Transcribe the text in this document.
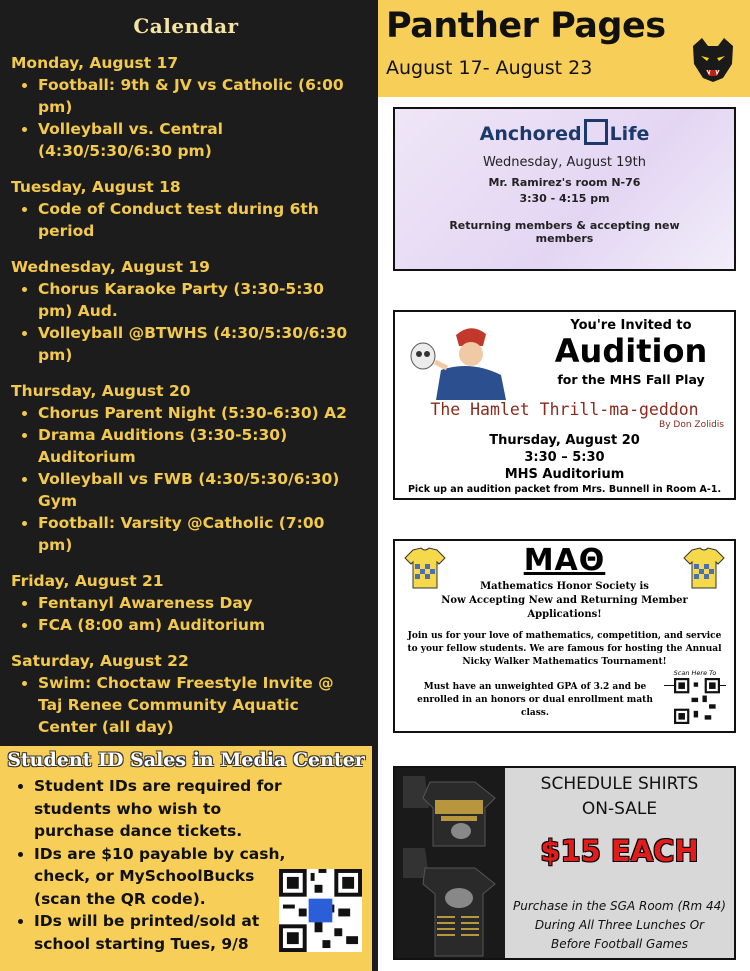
Calendar
Monday, August 17
• Football: 9th & JV vs Catholic (6:00 pm)
• Volleyball vs. Central (4:30/5:30/6:30 pm)
Tuesday, August 18
• Code of Conduct test during 6th period
Wednesday, August 19
• Chorus Karaoke Party (3:30-5:30 pm) Aud.
• Volleyball @BTWHS (4:30/5:30/6:30 pm)
Thursday, August 20
• Chorus Parent Night (5:30-6:30) A2
• Drama Auditions (3:30-5:30) Auditorium
• Volleyball vs FWB (4:30/5:30/6:30) Gym
• Football: Varsity @Catholic (7:00 pm)
Friday, August 21
• Fentanyl Awareness Day
• FCA (8:00 am) Auditorium
Saturday, August 22
• Swim: Choctaw Freestyle Invite @ Taj Renee Community Aquatic Center (all day)
Student ID Sales in Media Center
• Student IDs are required for students who wish to purchase dance tickets.
• IDs are $10 payable by cash, check, or MySchoolBucks (scan the QR code).
• IDs will be printed/sold at school starting Tues, 9/8
Panther Pages
August 17- August 23
Anchored Life
Wednesday, August 19th
Mr. Ramirez's room N-76
3:30 - 4:15 pm
Returning members & accepting new members
You're Invited to
Audition
for the MHS Fall Play
The Hamlet Thrill-ma-geddon
By Don Zolidis
Thursday, August 20
3:30 – 5:30
MHS Auditorium
Pick up an audition packet from Mrs. Bunnell in Room A-1.
ΜΑΘ
Mathematics Honor Society is
Now Accepting New and Returning Member
Applications!
Join us for your love of mathematics, competition, and service to your fellow students. We are famous for hosting the Annual Nicky Walker Mathematics Tournament!
Must have an unweighted GPA of 3.2 and be enrolled in an honors or dual enrollment math class.
Scan Here To
SCHEDULE SHIRTS
ON-SALE
$15 EACH
Purchase in the SGA Room (Rm 44)
During All Three Lunches Or
Before Football Games
